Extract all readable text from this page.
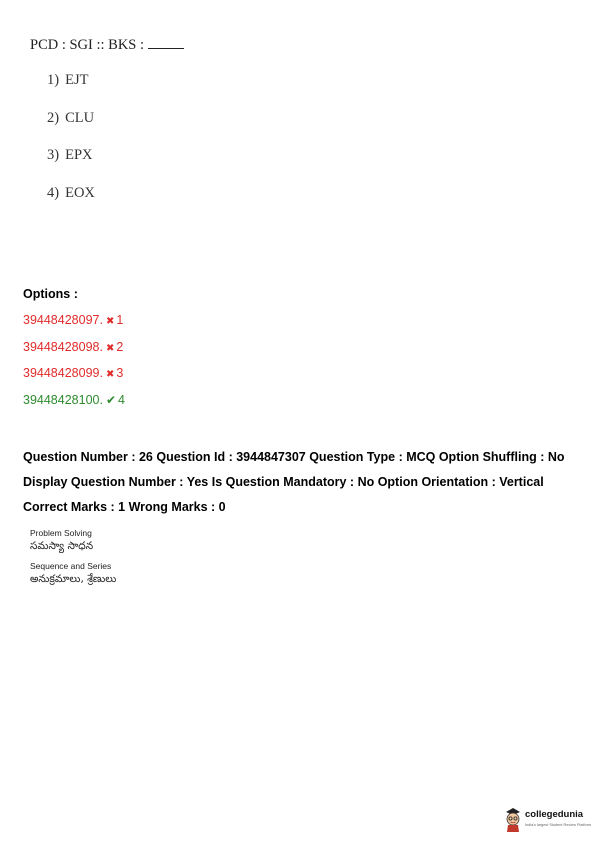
PCD : SGI :: BKS :
1) EJT
2) CLU
3) EPX
4) EOX
Options :
39448428097. ✖ 1
39448428098. ✖ 2
39448428099. ✖ 3
39448428100. ✔ 4
Question Number : 26 Question Id : 3944847307 Question Type : MCQ Option Shuffling : No
Display Question Number : Yes Is Question Mandatory : No Option Orientation : Vertical
Correct Marks : 1 Wrong Marks : 0
Problem Solving
సమస్యా సాధన
Sequence and Series
అనుక్రమాలు, శ్రేణులు
collegedunia
India's largest Student Review Platform
